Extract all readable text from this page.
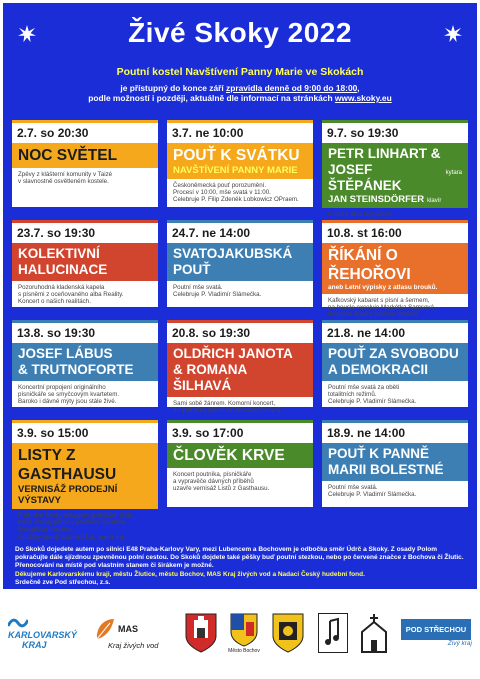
Živé Skoky 2022
Poutní kostel Navštívení Panny Marie ve Skokách
je přístupný do konce září zpravidla denně od 9:00 do 18:00,
podle možností i později, aktuálně dle informací na stránkách www.skoky.eu
2.7. so 20:30
NOC SVĚTEL
Zpěvy z klášterní komunity v Taizé
v slavnostně osvětleném kostele.
3.7. ne 10:00
POUŤ K SVÁTKU
NAVŠTÍVENÍ PANNY MARIE
Českoněmecká pouť porozumění.
Procesí v 10:00, mše svatá v 11:00.
Celebruje P. Filip Zdeněk Lobkowicz OPraem.
9.7. so 19:30
PETR LINHART &
JOSEF ŠTĚPÁNEK
kytara
JAN STEINSDÖRFER klavír
Písně z alba Nezvěstní
23.7. so 19:30
KOLEKTIVNÍ
HALUCINACE
Pozoruhodná kladenská kapela
s písněmi z oceňovaného alba Reality.
Koncert o našich realitách.
24.7. ne 14:00
SVATOJAKUBSKÁ
POUŤ
Poutní mše svatá.
Celebruje P. Vladimír Slámečka.
10.8. st 16:00
ŘÍKÁNÍ O ŘEHOŘOVI
aneb Letní výpisky z atlasu brouků.
Kafkovský kabaret s písní a šermem,
na housle exceluje Markétka Samsová.
Kočovné divadlo přinese tradiční
13.8. so 19:30
JOSEF LÁBUS
& TRUTNOFORTE
Koncertní propojení originálního
písničkáře se smyčcovým kvartetem.
Baroko i dávné mýty jsou stále živé.
20.8. so 19:30
OLDŘICH JANOTA
& ROMANA ŠILHAVÁ
Sami sobě žánrem. Komorní koncert,
do jisté míry přímo ve Skokách zrozený.
21.8. ne 14:00
POUŤ ZA SVOBODU
A DEMOKRACII
Poutní mše svatá za oběti
totalitních režimů.
Celebruje P. Vladimír Slámečka.
3.9. so 15:00
LISTY Z GASTHAUSU
VERNISÁŽ PRODEJNÍ VÝSTAVY
Podpořte Skoky nákupem grafických listů,
které vznikly přímo v prostoru bývalého
Schopfova hostince.
Grafický plenér začíná 27.8., končí 4.9.
3.9. so 17:00
ČLOVĚK KRVE
Koncert poutníka, písničkáře
a vypravěče dávných příběhů
uzavře vernisáž Listů z Gasthausu.
18.9. ne 14:00
POUŤ K PANNĚ
MARII BOLESTNÉ
Poutní mše svatá.
Celebruje P. Vladimír Slámečka.
Do Skoků dojedete autem po silnici E48 Praha-Karlovy Vary, mezi Lubencem a Bochovem je odbočka směr Údrč a Skoky. Z osady Polom pokračujte dále sjízdnou zpevněnou polní cestou. Do Skoků dojdete také pěšky buď poutní stezkou, nebo po červené značce z Bochova či Žlutic. Přenocování na místě pod vlastním stanem či širákem je možné.
Děkujeme Karlovarskému kraji, městu Žlutice, městu Bochov, MAS Kraj živých vod a Nadaci Český hudební fond.
Srdečně zve Pod střechou, z.s.
KARLOVARSKÝ
KRAJ
MAS
Kraj živých vod
Město Bochov
POD STŘECHOU
Živý kraj
